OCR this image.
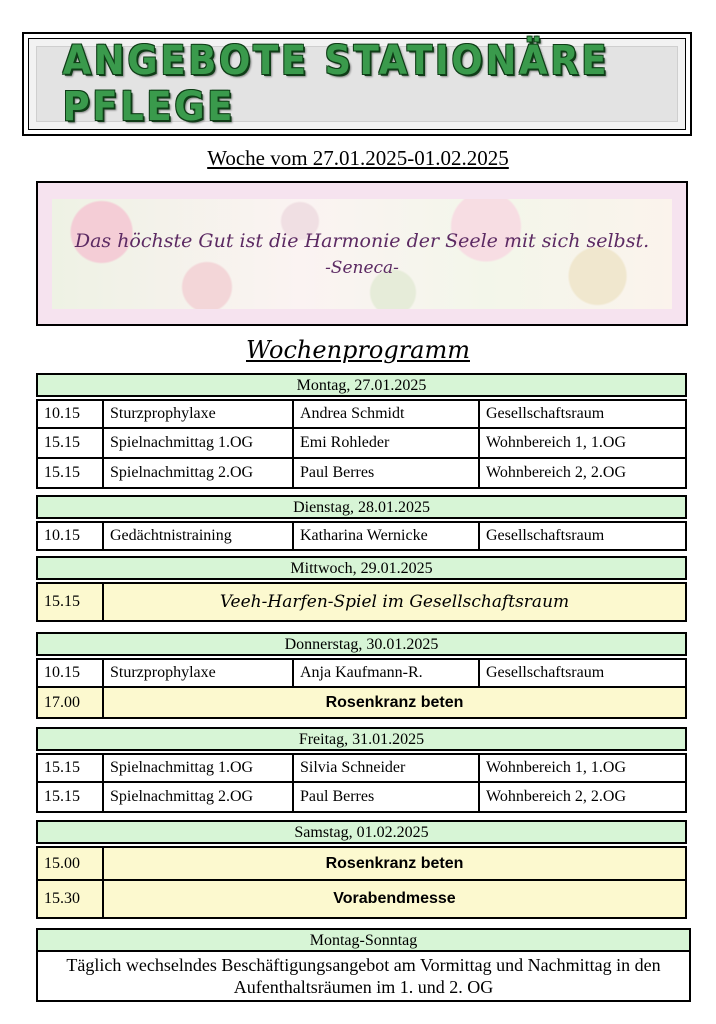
ANGEBOTE STATIONÄRE PFLEGE
Woche vom 27.01.2025-01.02.2025
Das höchste Gut ist die Harmonie der Seele mit sich selbst.
-Seneca-
Wochenprogramm
Montag, 27.01.2025
10.15	Sturzprophylaxe	Andrea Schmidt	Gesellschaftsraum
15.15	Spielnachmittag 1.OG	Emi Rohleder	Wohnbereich 1, 1.OG
15.15	Spielnachmittag 2.OG	Paul Berres	Wohnbereich 2, 2.OG
Dienstag, 28.01.2025
10.15	Gedächtnistraining	Katharina Wernicke	Gesellschaftsraum
Mittwoch, 29.01.2025
15.15	Veeh-Harfen-Spiel im Gesellschaftsraum
Donnerstag, 30.01.2025
10.15	Sturzprophylaxe	Anja Kaufmann-R.	Gesellschaftsraum
17.00	Rosenkranz beten
Freitag, 31.01.2025
15.15	Spielnachmittag 1.OG	Silvia Schneider	Wohnbereich 1, 1.OG
15.15	Spielnachmittag 2.OG	Paul Berres	Wohnbereich 2, 2.OG
Samstag, 01.02.2025
15.00	Rosenkranz beten
15.30	Vorabendmesse
Montag-Sonntag
Täglich wechselndes Beschäftigungsangebot am Vormittag und Nachmittag in den Aufenthaltsräumen im 1. und 2. OG
